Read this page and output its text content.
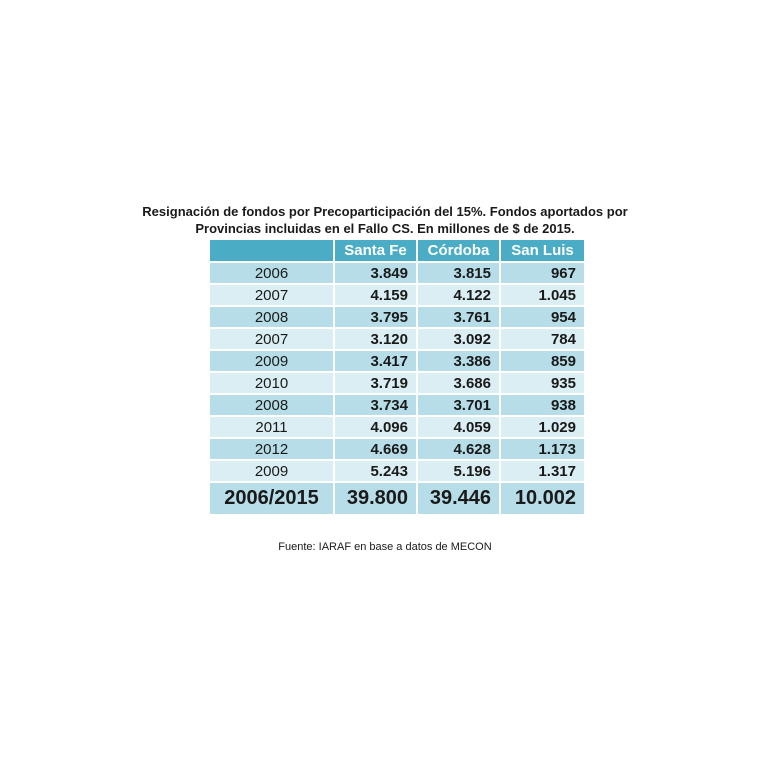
Resignación de fondos por Precoparticipación del 15%. Fondos aportados por Provincias incluidas en el Fallo CS. En millones de $ de 2015.
	Santa Fe	Córdoba	San Luis
2006	3.849	3.815	967
2007	4.159	4.122	1.045
2008	3.795	3.761	954
2007	3.120	3.092	784
2009	3.417	3.386	859
2010	3.719	3.686	935
2008	3.734	3.701	938
2011	4.096	4.059	1.029
2012	4.669	4.628	1.173
2009	5.243	5.196	1.317
2006/2015	39.800	39.446	10.002
Fuente: IARAF en base a datos de MECON
